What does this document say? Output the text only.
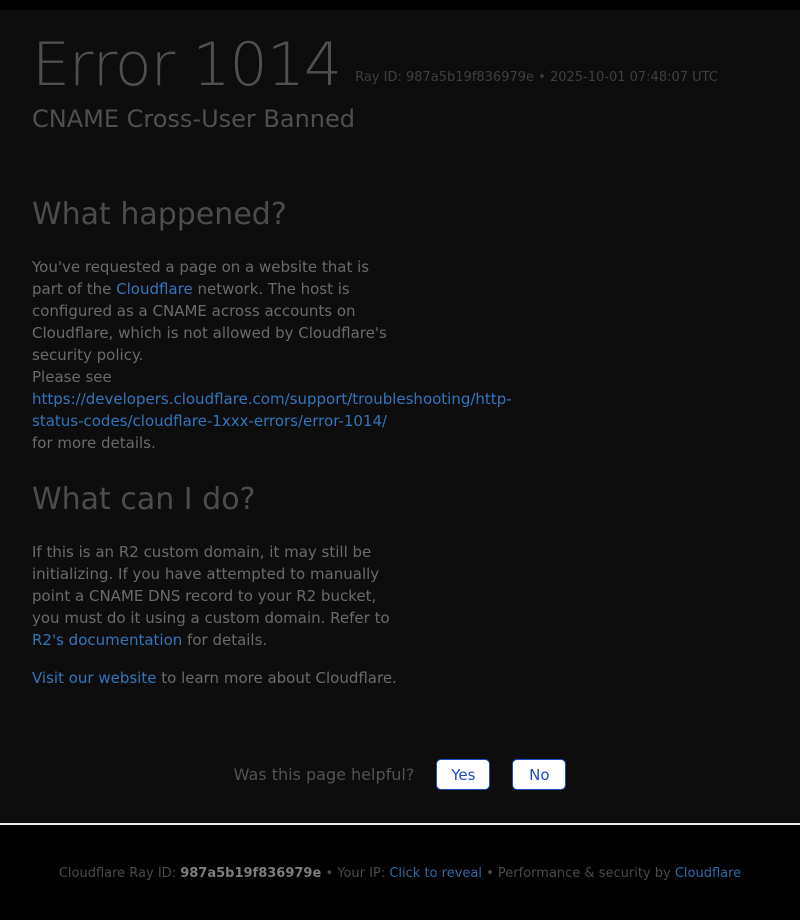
Error 1014 Ray ID: 987a5b19f836979e • 2025-10-01 07:48:07 UTC
CNAME Cross-User Banned
What happened?

You've requested a page on a website that is part of the Cloudflare network. The host is configured as a CNAME across accounts on Cloudflare, which is not allowed by Cloudflare's security policy.
Please see https://developers.cloudflare.com/support/troubleshooting/http-status-codes/cloudflare-1xxx-errors/error-1014/ for more details.

What can I do?

If this is an R2 custom domain, it may still be initializing. If you have attempted to manually point a CNAME DNS record to your R2 bucket, you must do it using a custom domain. Refer to R2's documentation for details.

Visit our website to learn more about Cloudflare.

Was this page helpful?	Yes	No
Cloudflare Ray ID: 987a5b19f836979e • Your IP: Click to reveal • Performance & security by Cloudflare
